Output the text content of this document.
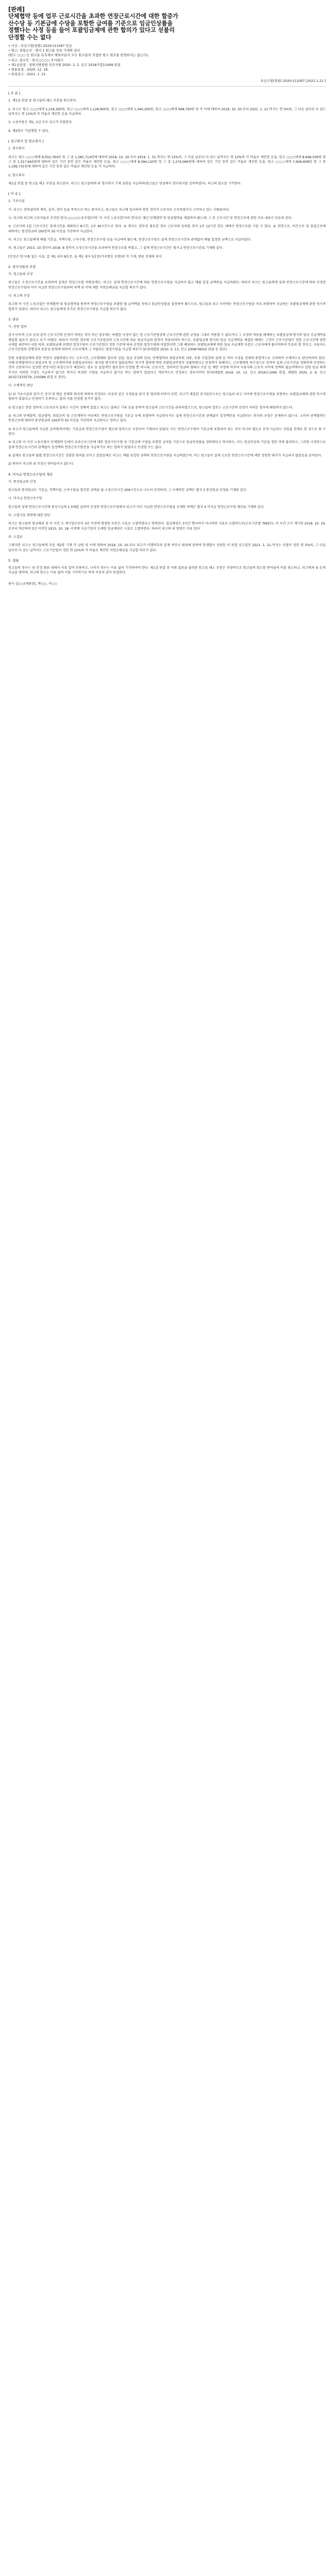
[판례]
단체협약 등에 업무 근로시간을 초과한 연장근로시간에 대한 할증가
산수당 등 기본급에 수당을 포함한 급여를 기준으로 임금인상률을
정했다는 사정 등을 들어 포괄임금제에 관한 합의가 있다고 섣불리
단정할 수는 없다
• 사건 : 부산고법(창원) 2020나11097 임금
• 원고, 피항소인 : 별지 1 원고들 목록 기재와 같다
(원고 ○○○ 등 원고들 독촉계서 해외부분서 모두 원고들의 직접한 원고 변호를 변경하지는 않는다),
• 피고, 항소인 : 한국○○○○ 주식회사
• 제1심판결 : 창원지방법원 진주지원 2020. 2. 5. 선고 2018가합11408 판결
• 변론종결 : 2020. 12. 18.
• 판결선고 : 2021. 1. 21.
부산고법(창원) 2020나11097 [2021.1.21.]
[ 주 문 ]

1. 제1심 판결 중 원고들의 패소 부분을 취소한다.

2. 피고는 원고 ○○○에게 1,234,560원, 원고 ○○○에게 1,128,900원, 원고 ○○○에게 1,340,200원, 원고 ○○○에게 998,700원 및 각 이에 대하여 2018. 10. 20.부터 2021. 1. 21.까지는 연 5%의, 그 다음 날부터 다 갚는 날까지는 연 12%의 각 비율로 계산한 돈을 지급하라.

3. 소송비용은 제1, 2심 모두 피고가 부담한다.

4. 제2항은 가집행할 수 있다.

[ 청구취지 및 항소취지 ]

1. 청구취지

피고는 원고 ○○○에게 8,502,764원 및 그 중 1,285,714원에 대하여 2018. 10. 20.부터 2019. 1. 31.까지는 연 15%의, 그 다음 날부터 다 갚는 날까지는 연 12%의 각 비율로 계산한 돈을, 원고 ○○○에게 8,668,509원 및 그 중 1,317,943원에 대하여 같은 기간 동안 같은 비율로 계산한 돈을, 원고 ○○○에게 8,394,120원 및 그 중 1,274,066원에 대하여 같은 기간 동안 같은 비율로 계산한 돈을, 원고 ○○○에게 7,906,608원 및 그 중 1,199,731원에 대하여 같은 기간 동안 같은 비율로 계산한 돈을 각 지급하라.

2. 항소취지

제1심 판결 중 원고들 패소 부분을 취소한다. 피고는 원고들에게 위 청구취지 기재 금원을 지급하라(원고들은 당심에서 청구취지를 감축하였다). 피고의 항소를 기각한다.

[ 이 유 ]

1. 기초사실

가. 피고는 전력설비의 제작, 설치, 정비 등을 목적으로 하는 회사이고, 원고들은 피고에 입사하여 현장 정비직 근로자로 근무하였거나 근무하고 있는 사람들이다.

나. 피고와 피고의 근로자들로 조직된 한국○○○○노동조합(이하 '이 사건 노동조합'이라 한다)은 매년 단체협약 및 임금협약을 체결하여 왔는데, 그 중 근로시간 및 연장근로에 관한 주요 내용은 다음과 같다.

① 근로자의 1일 근로시간은 휴게시간을 제외하고 8시간, 1주 40시간으로 한다. ② 회사는 업무상 필요한 경우 근로자의 동의를 얻어 1주 12시간 한도 내에서 연장근로를 시킬 수 있다. ③ 연장근로, 야간근로 및 휴일근로에 대하여는 통상임금의 100분의 50 이상을 가산하여 지급한다.

다. 피고는 원고들에게 매월 기본급, 직책수당, 근속수당, 연장근로수당 등을 지급하여 왔는데, 연장근로수당은 실제 연장근로시간과 관계없이 매월 일정한 금액으로 지급되었다.

라. 원고들은 2015. 10.경부터 2018. 9.경까지 소정근로시간을 초과하여 연장근로를 하였고, 그 실제 연장근로시간은 별지 2 연장근로시간표 기재와 같다.

[인정근거] 다툼 없는 사실, 갑 제1 내지 8호증, 을 제1 내지 5호증(가지번호 포함)의 각 기재, 변론 전체의 취지

2. 당사자들의 주장

가. 원고들의 주장

원고들은 소정근로시간을 초과하여 실제로 연장근로를 하였음에도, 피고는 실제 연장근로시간에 따른 연장근로수당을 지급하지 않고 매월 일정 금액만을 지급하였다. 따라서 피고는 원고들에게 실제 연장근로시간에 따라 산정한 연장근로수당과 이미 지급한 연장근로수당과의 차액 및 이에 대한 지연손해금을 지급할 의무가 있다.

나. 피고의 주장

피고와 이 사건 노동조합은 단체협약 및 임금협약을 통하여 연장근로수당을 포함한 월 급여액을 정하고 임금인상률을 결정하여 왔으므로, 원고들과 피고 사이에는 연장근로수당을 미리 포함하여 지급하는 포괄임금제에 관한 묵시적 합의가 있었다. 따라서 피고는 원고들에게 추가로 연장근로수당을 지급할 의무가 없다.

3. 판단

가. 관련 법리

감시·단속적 근로 등과 같이 근로시간의 산정이 어려운 것이 아닌 경우에는 특별한 사정이 없는 한 근로기준법상의 근로시간에 관한 규정을 그대로 적용할 수 없다거나 그 규정의 적용을 배제하는 포괄임금제 방식의 임금 지급계약을 체결할 필요가 있다고 보기 어렵다. 따라서 이러한 경우에 근로기준법상의 근로시간에 따른 임금지급의 원칙이 적용되어야 하므로, 포괄임금제 방식의 임금 지급계약을 체결한 때에는 그것이 근로기준법이 정한 근로시간에 관한 규제를 위반하는지를 따져, 포괄임금에 포함된 법정수당이 근로기준법이 정한 기준에 따라 산정된 법정수당에 미달한다면 그에 해당하는 포괄임금제에 의한 임금 지급계약 부분은 근로자에게 불이익하여 무효라 할 것이고, 사용자는 근로기준법의 강행성과 보충성 원칙에 의하여 근로자에게 그 미달되는 법정수당을 지급할 의무가 있다(대법원 2010. 5. 13. 선고 2008다6052 판결 등 참조).

한편 포괄임금제에 관한 약정이 성립하였는지는 근로시간, 근로형태와 업무의 성질, 임금 산정의 단위, 단체협약과 취업규칙의 내용, 동종 사업장의 실태 등 여러 사정을 전체적·종합적으로 고려하여 구체적으로 판단하여야 한다. 이때 단체협약이나 취업규칙 및 근로계약서에 포괄임금이라는 취지를 명시하지 않았음에도 묵시적 합의에 의한 포괄임금약정이 성립하였다고 인정하기 위해서는, 근로형태의 특수성으로 인하여 실제 근로시간을 정확하게 산정하는 것이 곤란하거나 일정한 연장·야간·휴일근로가 예상되는 경우 등 실질적인 필요성이 인정될 뿐 아니라, 근로시간, 정하여진 임금의 형태나 수준 등 제반 사정에 비추어 사용자와 근로자 사이에 정액의 월급여액이나 일당 임금 외에 추가로 어떠한 수당도 지급하지 않기로 하거나 특정한 수당을 지급하지 않기로 하는 합의가 있었다고 객관적으로 인정되는 경우이어야 한다(대법원 2016. 10. 13. 선고 2016도1060 판결, 대법원 2020. 2. 6. 선고 2015다233579, 233586 판결 등 참조).

나. 구체적인 판단

1) 위 기초사실과 앞서 든 증거 및 변론 전체의 취지에 의하여 인정되는 다음과 같은 사정들을 앞서 본 법리에 비추어 보면, 피고가 제출한 증거들만으로는 원고들과 피고 사이에 연장근로수당을 포함하는 포괄임금제에 관한 묵시적 합의가 있었다고 인정하기 부족하고, 달리 이를 인정할 증거가 없다.

① 원고들은 현장 정비직 근로자로서 출퇴근 시간이 정해져 있었고 피고는 출퇴근 기록 등을 통하여 원고들의 근로시간을 관리하였으므로, 원고들의 업무는 근로시간의 산정이 어려운 경우에 해당하지 않는다.

② 피고의 단체협약, 임금협약, 취업규칙 및 근로계약서 어디에도 연장근로수당을 기본급 등에 포함하여 지급한다거나 실제 연장근로시간과 관계없이 일정액만을 지급한다는 취지의 규정은 존재하지 않는다. 오히려 단체협약은 연장근로에 대하여 통상임금의 100분의 50 이상을 가산하여 지급한다고 정하고 있다.

③ 피고가 원고들에게 지급한 급여명세서에는 기본급과 연장근로수당이 별도의 항목으로 구분되어 기재되어 있었다. 이는 연장근로수당이 기본급에 포함되어 있는 것이 아니라 별도로 산정·지급되는 것임을 전제로 한 것으로 볼 수 있다.

④ 피고와 이 사건 노동조합이 단체협약 등에서 초과근로시간에 대한 할증가산수당 등 기본급에 수당을 포함한 급여를 기준으로 임금인상률을 정하였다고 하더라도, 이는 임금인상의 기준을 정한 것에 불과하고, 그러한 사정만으로 실제 연장근로시간과 관계없이 일정액의 연장근로수당만을 지급하기로 하는 합의가 있었다고 단정할 수는 없다.

⑤ 실제로 원고들의 월별 연장근로시간은 상당한 편차를 보이고 있었음에도 피고는 매월 동일한 금액의 연장근로수당을 지급하였는바, 이는 원고들이 실제 근로한 연장근로시간에 대한 정당한 대가가 지급되지 않았음을 보여준다.

2) 따라서 피고의 위 주장은 받아들이지 않는다.

4. 미지급 연장근로수당의 계산

가. 통상임금의 산정

원고들의 통상임금은 기본급, 직책수당, 근속수당을 합산한 금액을 월 소정근로시간 209시간으로 나누어 산정하며, 그 구체적인 금액은 별지 3 통상임금 산정표 기재와 같다.

나. 미지급 연장근로수당

원고들의 실제 연장근로시간에 통상시급의 1.5배를 곱하여 산정한 연장근로수당에서 피고가 이미 지급한 연장근로수당을 공제한 차액은 별지 4 미지급 연장근로수당 계산표 기재와 같다.

다. 소멸시효 항변에 대한 판단

피고는 원고들의 임금채권 중 이 사건 소 제기일로부터 3년 이전에 발생한 부분은 시효로 소멸하였다고 항변한다. 임금채권은 3년간 행사하지 아니하면 시효로 소멸하므로(근로기준법 제49조), 이 사건 소가 제기된 2018. 10. 19.로부터 역산하여 3년 이전인 2015. 10. 18. 이전에 지급기일이 도래한 임금채권은 시효로 소멸하였다. 따라서 피고의 위 항변은 이유 있다.

라. 소결론

그렇다면 피고는 원고들에게 주문 제2항 기재 각 금원 및 이에 대하여 2018. 10. 20.부터 피고가 이행의무의 존재 여부나 범위에 관하여 항쟁함이 상당한 이 판결 선고일인 2021. 1. 21.까지는 민법이 정한 연 5%의, 그 다음 날부터 다 갚는 날까지는 근로기준법이 정한 연 12%의 각 비율로 계산한 지연손해금을 지급할 의무가 있다.

5. 결론

원고들의 청구는 위 인정 범위 내에서 이유 있어 인용하고, 나머지 청구는 이유 없어 기각하여야 한다. 제1심 판결 중 이와 결론을 달리한 원고들 패소 부분은 부당하므로 원고들의 항소를 받아들여 이를 취소하고, 피고에게 위 돈의 지급을 명하며, 피고의 항소는 이유 없어 이를 기각하기로 하여 주문과 같이 판결한다.

판사 김○○(재판장), 박○○, 이○○
